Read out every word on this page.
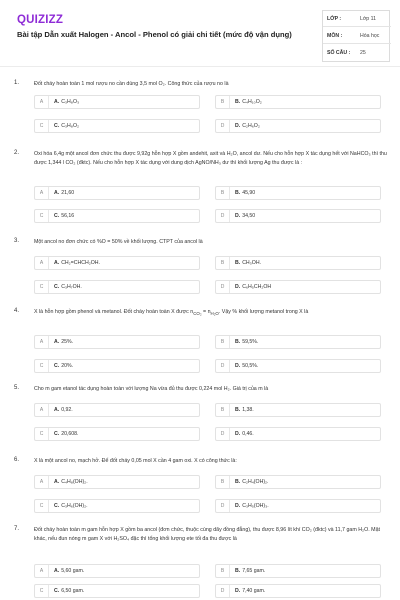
QUIZIZZ
Bài tập Dẫn xuất Halogen - Ancol - Phenol có giải chi tiết (mức độ vận dụng)
LỚP :	Lớp 11
MÔN :	Hóa học
SỐ CÂU : 25
1.	Đốt cháy hoàn toàn 1 mol rượu no cần dùng 3,5 mol O₂. Công thức của rượu no là
A	A. C₃H₈O₃	B	B. C₄H₁₀O₂
C	C. C₃H₈O₂	D	D. C₂H₆O₂
2.	Oxi hóa 6,4g một ancol đơn chức thu được 9,92g hỗn hợp X gồm andehit, axit và H₂O, ancol dư. Nếu cho hỗn hợp X tác dụng hết với NaHCO₃ thì thu được 1,344 l CO₂ (đktc). Nếu cho hỗn hợp X tác dụng với dung dịch AgNO/NH₃ dư thì khối lượng Ag thu được là :
A	A. 21,60	B	B. 45,90
C	C. 56,16	D	D. 34,50
3.	Một ancol no đơn chức có %O = 50% về khối lượng. CTPT của ancol là
A	A. CH₂=CHCH₂OH.	B	B. CH₃OH.
C	C. C₃H₇OH.	D	D. C₆H₅CH₂OH
4.	X là hỗn hợp gồm phenol và metanol. Đốt cháy hoàn toàn X được $n_{CO_2} = n_{H_2O}$. Vậy % khối lượng metanol trong X là
A	A. 25%.	B	B. 59,5%.
C	C. 20%.	D	D. 50,5%.
5.	Cho m gam etanol tác dụng hoàn toàn với lượng Na vừa đủ thu được 0,224 mol H₂. Giá trị của m là
A	A. 0,92.	B	B. 1,38.
C	C. 20,608.	D	D. 0,46.
6.	X là một ancol no, mạch hở. Để đốt cháy 0,05 mol X cần 4 gam oxi. X có công thức là:
A	A. C₄H₈(OH)₂.	B	B. C₂H₄(OH)₂.
C	C. C₃H₆(OH)₂.	D	D. C₃H₅(OH)₃.
7.	Đốt cháy hoàn toàn m gam hỗn hợp X gồm ba ancol (đơn chức, thuộc cùng dãy đồng đẳng), thu được 8,96 lít khí CO₂ (đktc) và 11,7 gam H₂O. Mặt khác, nếu đun nóng m gam X với H₂SO₄ đặc thì tổng khối lượng ete tối đa thu được là
A	A. 5,60 gam.	B	B. 7,65 gam.
C	C. 6,50 gam.	D	D. 7,40 gam.
